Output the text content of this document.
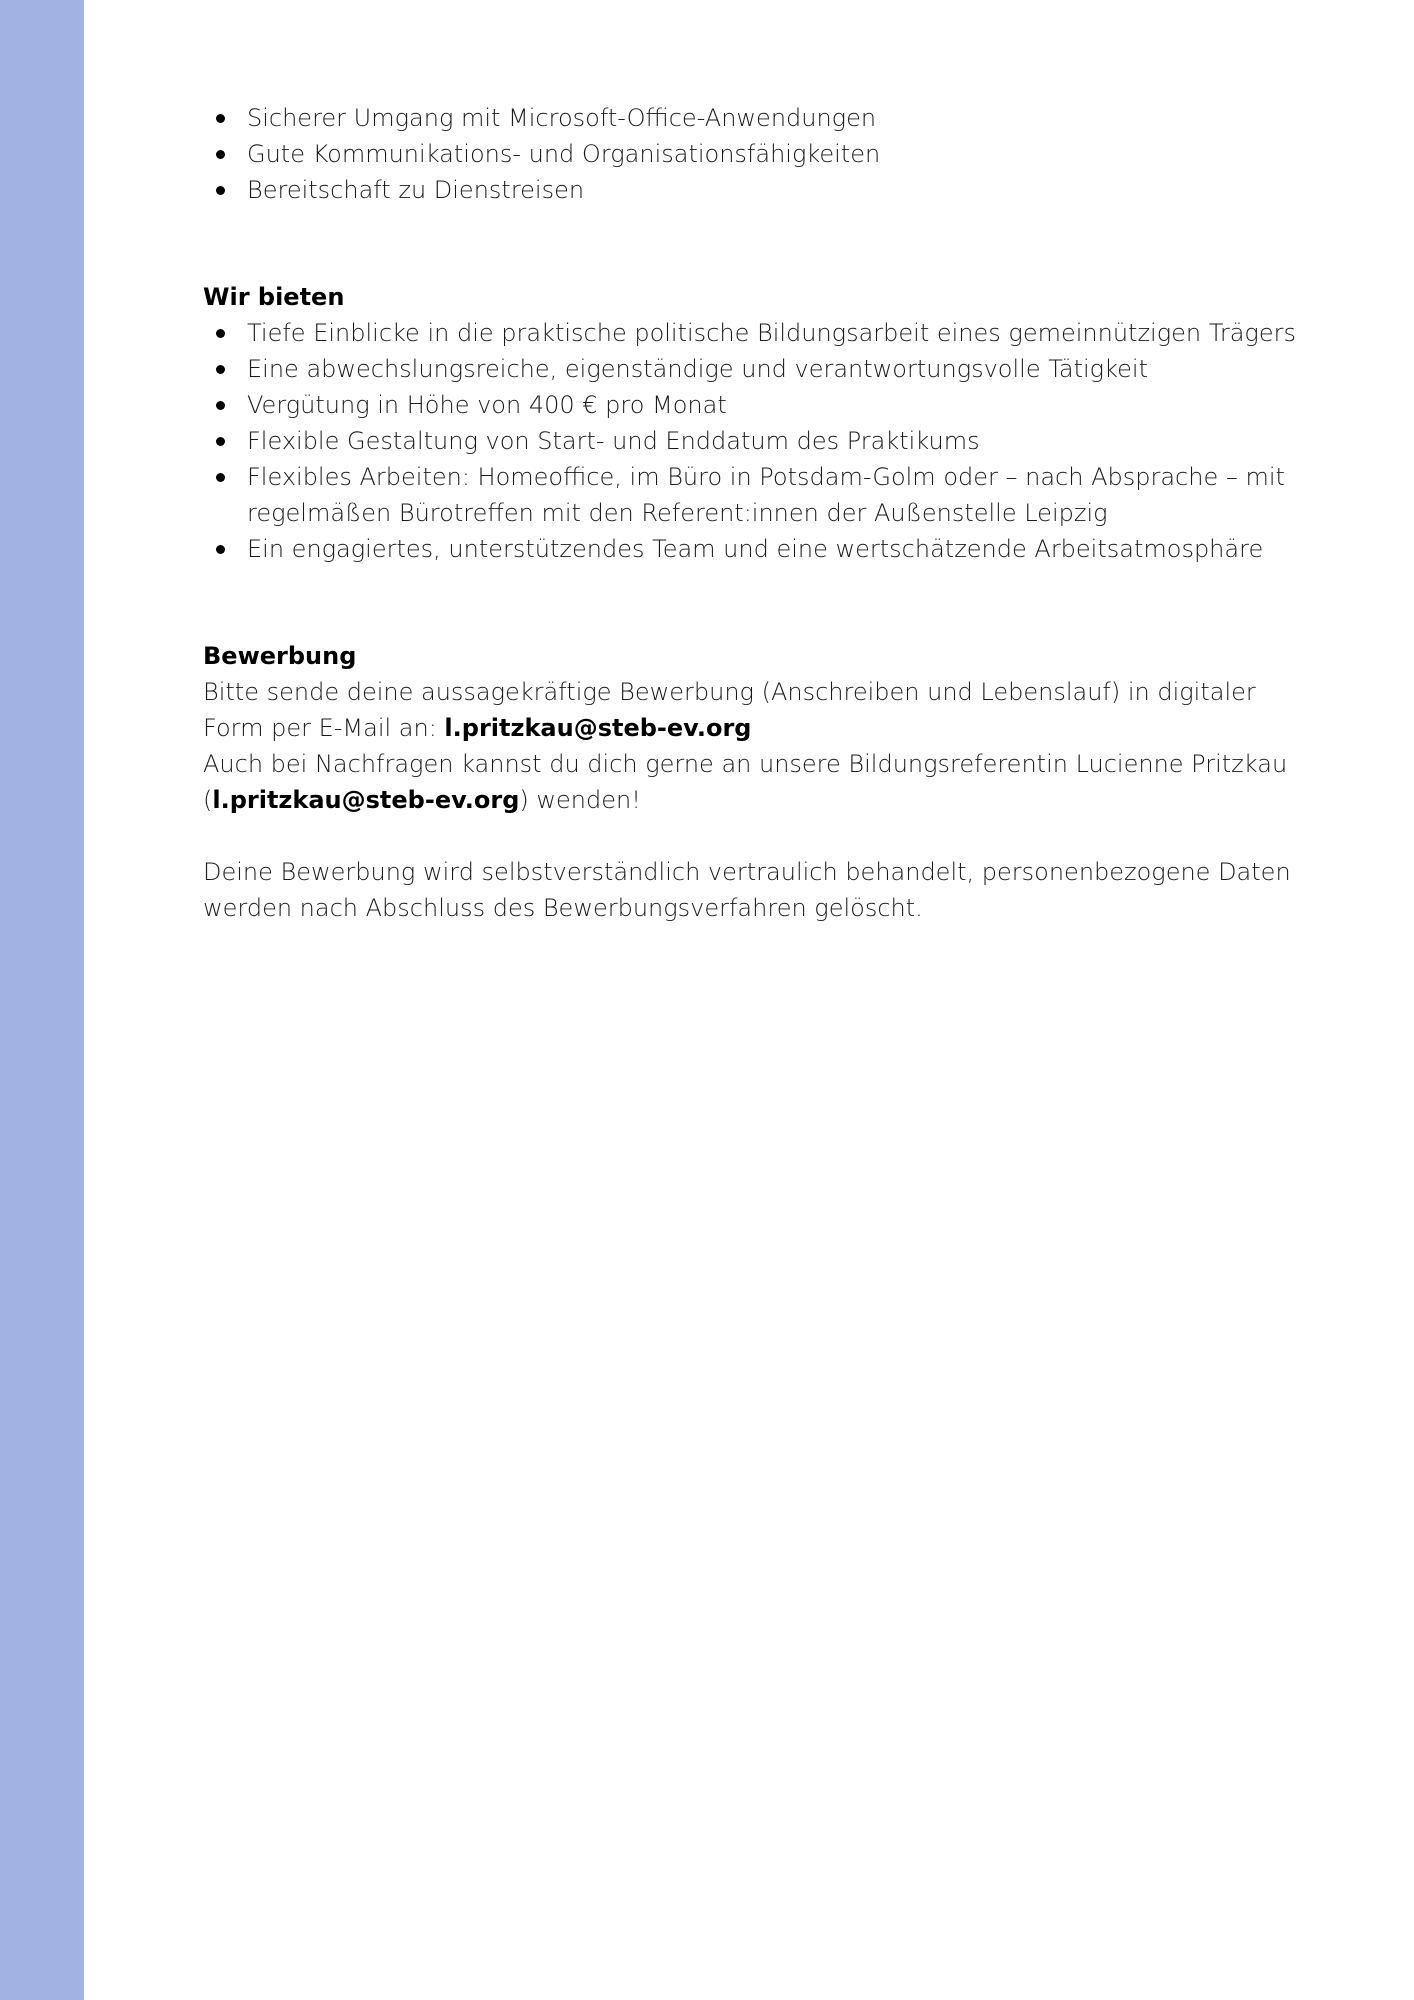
Sicherer Umgang mit Microsoft-Office-Anwendungen
Gute Kommunikations- und Organisationsfähigkeiten
Bereitschaft zu Dienstreisen
Wir bieten
Tiefe Einblicke in die praktische politische Bildungsarbeit eines gemeinnützigen Trägers
Eine abwechslungsreiche, eigenständige und verantwortungsvolle Tätigkeit
Vergütung in Höhe von 400 € pro Monat
Flexible Gestaltung von Start- und Enddatum des Praktikums
Flexibles Arbeiten: Homeoffice, im Büro in Potsdam-Golm oder – nach Absprache – mit regelmäßen Bürotreffen mit den Referent:innen der Außenstelle Leipzig
Ein engagiertes, unterstützendes Team und eine wertschätzende Arbeitsatmosphäre
Bewerbung

Bitte sende deine aussagekräftige Bewerbung (Anschreiben und Lebenslauf) in digitaler Form per E-Mail an: l.pritzkau@steb-ev.org

Auch bei Nachfragen kannst du dich gerne an unsere Bildungsreferentin Lucienne Pritzkau (l.pritzkau@steb-ev.org) wenden!

Deine Bewerbung wird selbstverständlich vertraulich behandelt, personenbezogene Daten werden nach Abschluss des Bewerbungsverfahren gelöscht.
